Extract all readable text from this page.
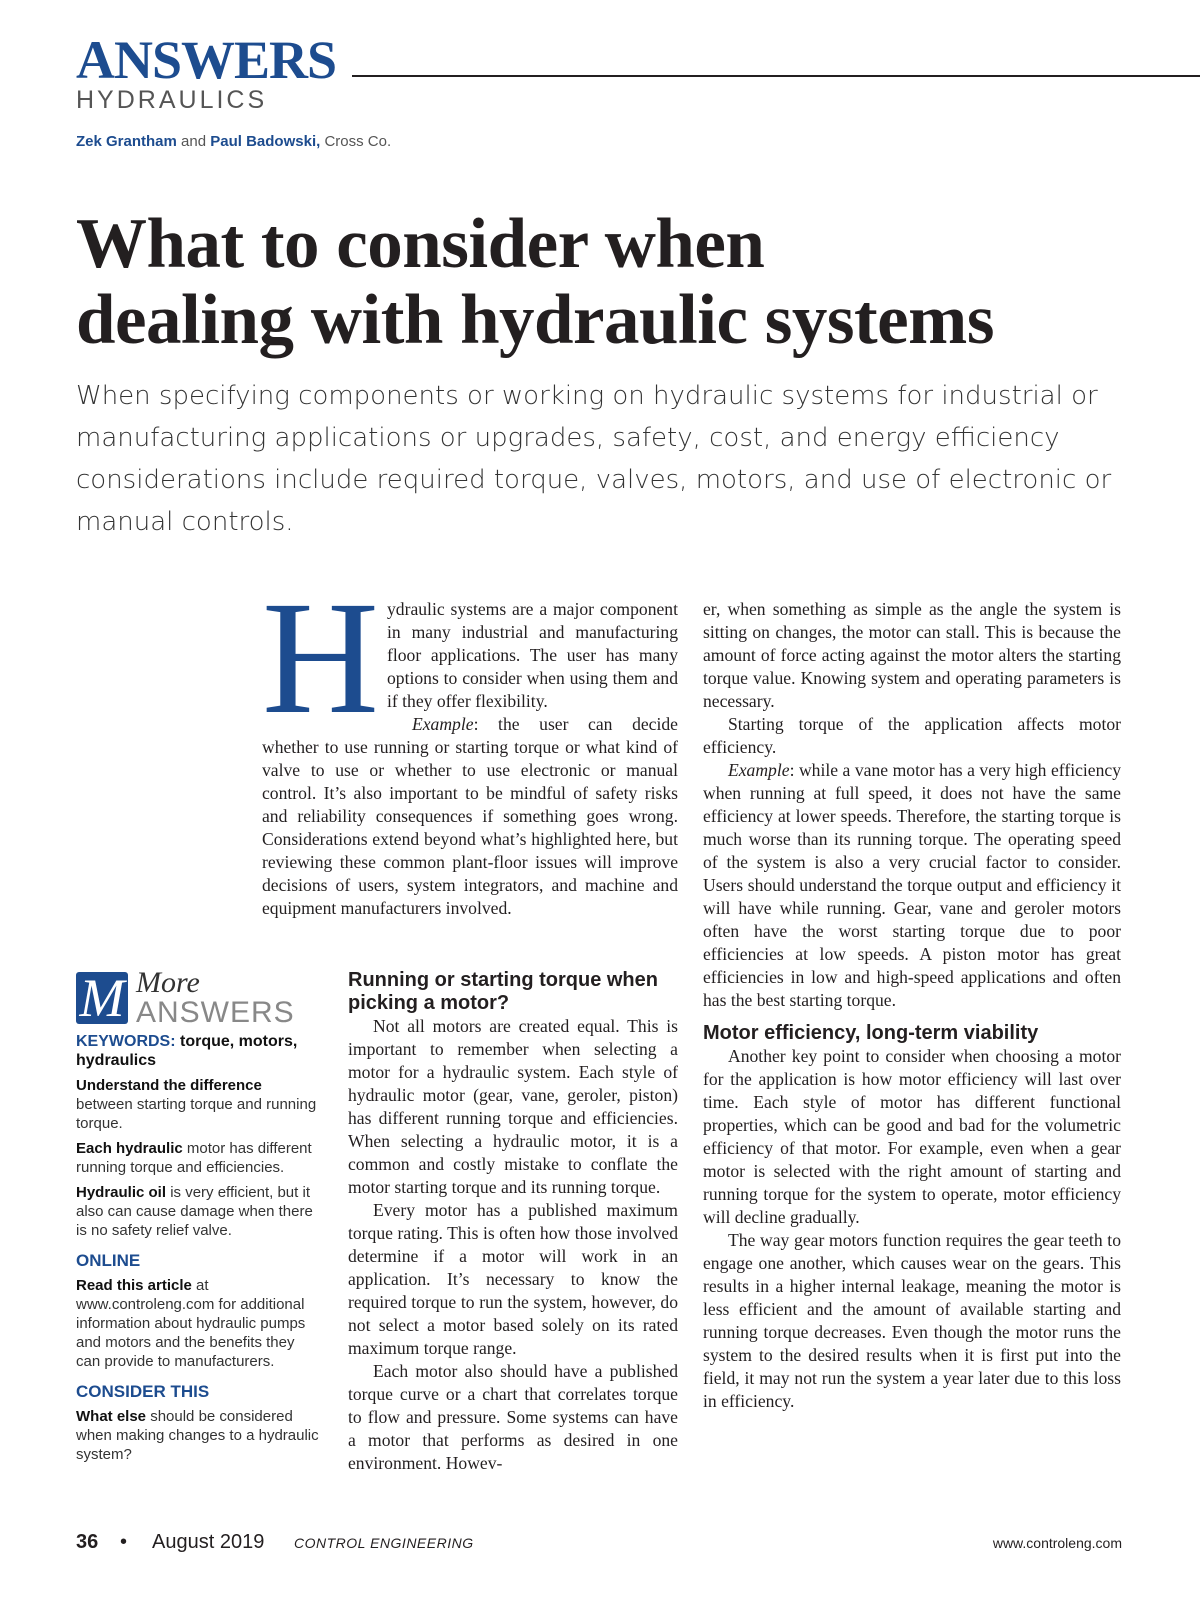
ANSWERS
HYDRAULICS
Zek Grantham and Paul Badowski, Cross Co.
What to consider when
dealing with hydraulic systems

When specifying components or working on hydraulic systems for industrial or manufacturing applications or upgrades, safety, cost, and energy efficiency considerations include required torque, valves, motors, and use of electronic or manual controls.

Hydraulic systems are a major component in many industrial and manufacturing floor applications. The user has many options to consider when using them and if they offer flexibility.

Example: the user can decide whether to use running or starting torque or what kind of valve to use or whether to use electronic or manual control. It’s also important to be mindful of safety risks and reliability consequences if something goes wrong. Considerations extend beyond what’s highlighted here, but reviewing these common plant-floor issues will improve decisions of users, system integrators, and machine and equipment manufacturers involved.

Running or starting torque when picking a motor?

Not all motors are created equal. This is important to remember when selecting a motor for a hydraulic system. Each style of hydraulic motor (gear, vane, geroler, piston) has different running torque and efficiencies. When selecting a hydraulic motor, it is a common and costly mistake to conflate the motor starting torque and its running torque.

Every motor has a published maximum torque rating. This is often how those involved determine if a motor will work in an application. It’s necessary to know the required torque to run the system, however, do not select a motor based solely on its rated maximum torque range.

Each motor also should have a published torque curve or a chart that correlates torque to flow and pressure. Some systems can have a motor that performs as desired in one environment. Howev-

er, when something as simple as the angle the system is sitting on changes, the motor can stall. This is because the amount of force acting against the motor alters the starting torque value. Knowing system and operating parameters is necessary.

Starting torque of the application affects motor efficiency.

Example: while a vane motor has a very high efficiency when running at full speed, it does not have the same efficiency at lower speeds. Therefore, the starting torque is much worse than its running torque. The operating speed of the system is also a very crucial factor to consider. Users should understand the torque output and efficiency it will have while running. Gear, vane and geroler motors often have the worst starting torque due to poor efficiencies at low speeds. A piston motor has great efficiencies in low and high-speed applications and often has the best starting torque.

Motor efficiency, long-term viability

Another key point to consider when choosing a motor for the application is how motor efficiency will last over time. Each style of motor has different functional properties, which can be good and bad for the volumetric efficiency of that motor. For example, even when a gear motor is selected with the right amount of starting and running torque for the system to operate, motor efficiency will decline gradually.

The way gear motors function requires the gear teeth to engage one another, which causes wear on the gears. This results in a higher internal leakage, meaning the motor is less efficient and the amount of available starting and running torque decreases. Even though the motor runs the system to the desired results when it is first put into the field, it may not run the system a year later due to this loss in efficiency.

M More
ANSWERS

KEYWORDS: torque, motors, hydraulics

Understand the difference between starting torque and running torque.

Each hydraulic motor has different running torque and efficiencies.

Hydraulic oil is very efficient, but it also can cause damage when there is no safety relief valve.

ONLINE

Read this article at www.controleng.com for additional information about hydraulic pumps and motors and the benefits they can provide to manufacturers.

CONSIDER THIS

What else should be considered when making changes to a hydraulic system?

36 • August 2019 CONTROL ENGINEERING	www.controleng.com
